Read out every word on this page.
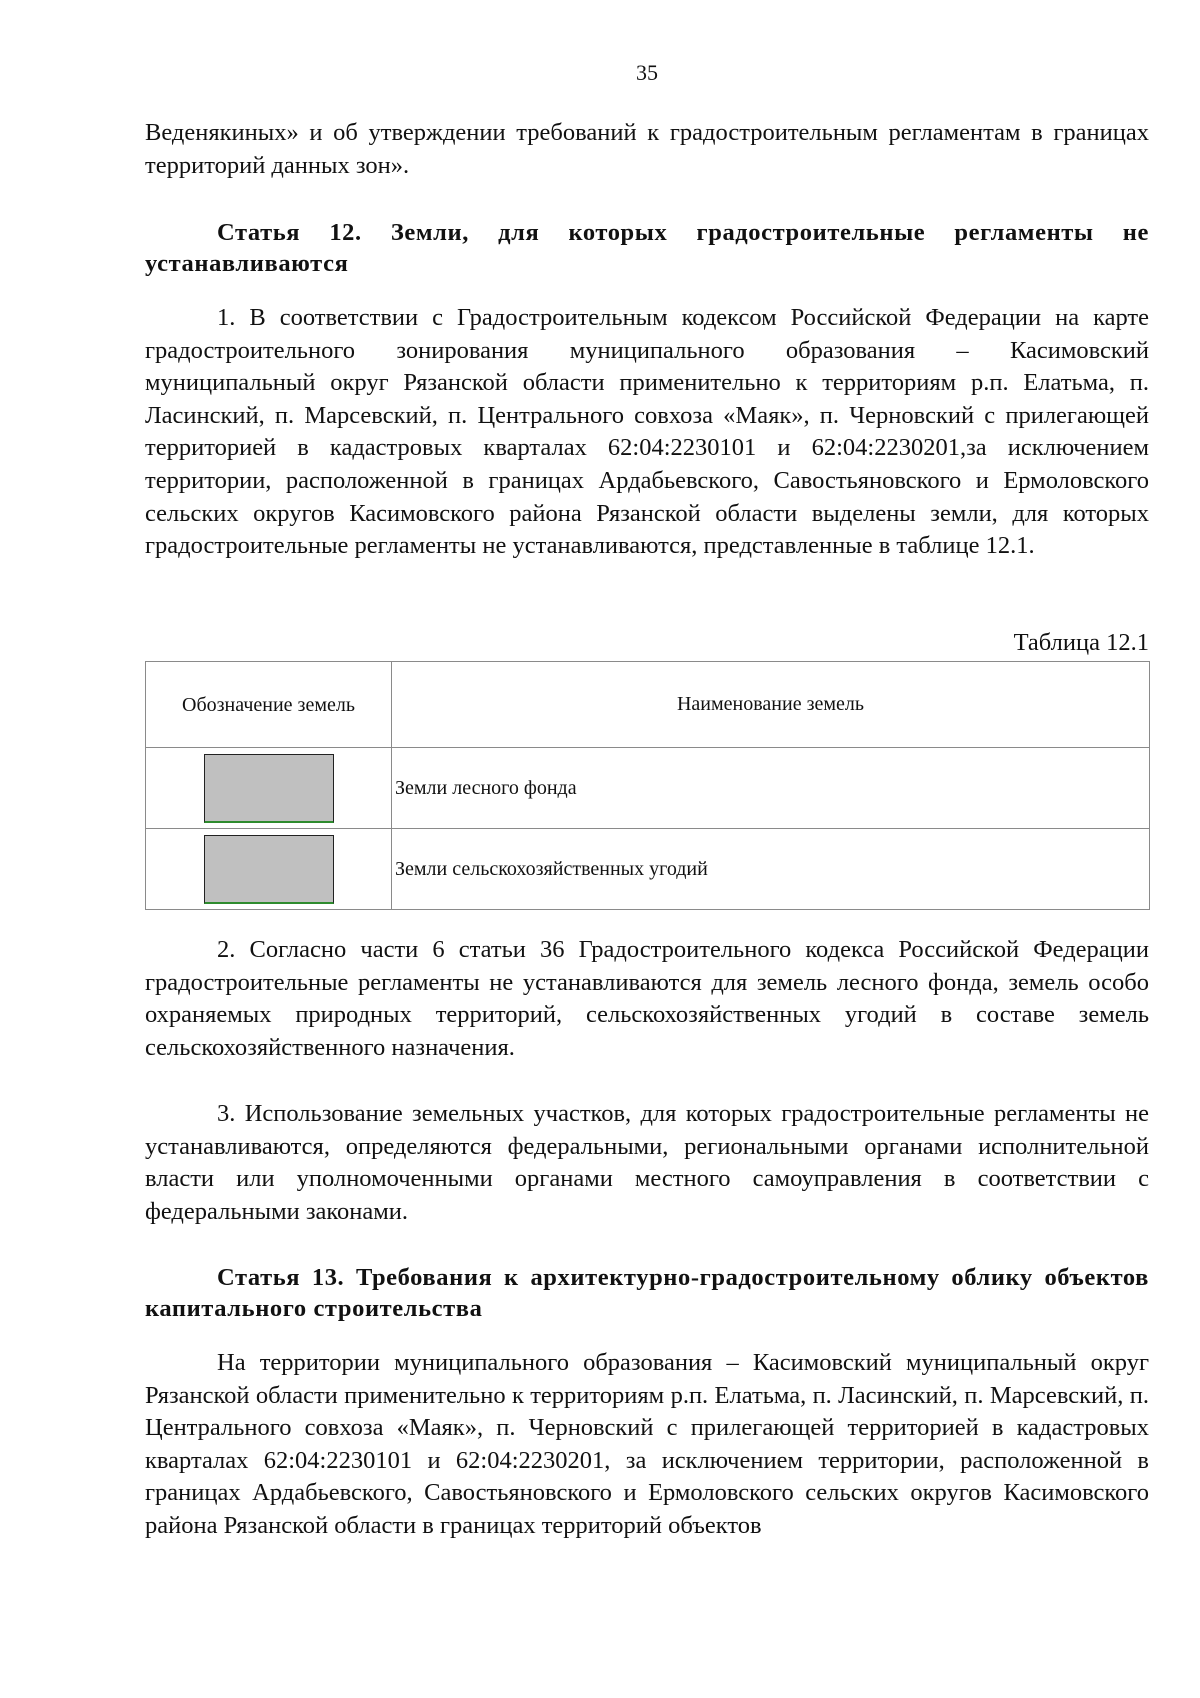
35

Веденякиных» и об утверждении требований к градостроительным регламентам в границах территорий данных зон».

Статья 12. Земли, для которых градостроительные регламенты не устанавливаются

1. В соответствии с Градостроительным кодексом Российской Федерации на карте градостроительного зонирования муниципального образования – Касимовский муниципальный округ Рязанской области применительно к территориям р.п. Елатьма, п. Ласинский, п. Марсевский, п. Центрального совхоза «Маяк», п. Черновский с прилегающей территорией в кадастровых кварталах 62:04:2230101 и 62:04:2230201,за исключением территории, расположенной в границах Ардабьевского, Савостьяновского и Ермоловского сельских округов Касимовского района Рязанской области выделены земли, для которых градостроительные регламенты не устанавливаются, представленные в таблице 12.1.

Таблица 12.1
Обозначение земель	Наименование земель
	Земли лесного фонда
	Земли сельскохозяйственных угодий

2. Согласно части 6 статьи 36 Градостроительного кодекса Российской Федерации градостроительные регламенты не устанавливаются для земель лесного фонда, земель особо охраняемых природных территорий, сельскохозяйственных угодий в составе земель сельскохозяйственного назначения.

3. Использование земельных участков, для которых градостроительные регламенты не устанавливаются, определяются федеральными, региональными органами исполнительной власти или уполномоченными органами местного самоуправления в соответствии с федеральными законами.

Статья 13. Требования к архитектурно-градостроительному облику объектов капитального строительства

На территории муниципального образования – Касимовский муниципальный округ Рязанской области применительно к территориям р.п. Елатьма, п. Ласинский, п. Марсевский, п. Центрального совхоза «Маяк», п. Черновский с прилегающей территорией в кадастровых кварталах 62:04:2230101 и 62:04:2230201, за исключением территории, расположенной в границах Ардабьевского, Савостьяновского и Ермоловского сельских округов Касимовского района Рязанской области в границах территорий объектов
